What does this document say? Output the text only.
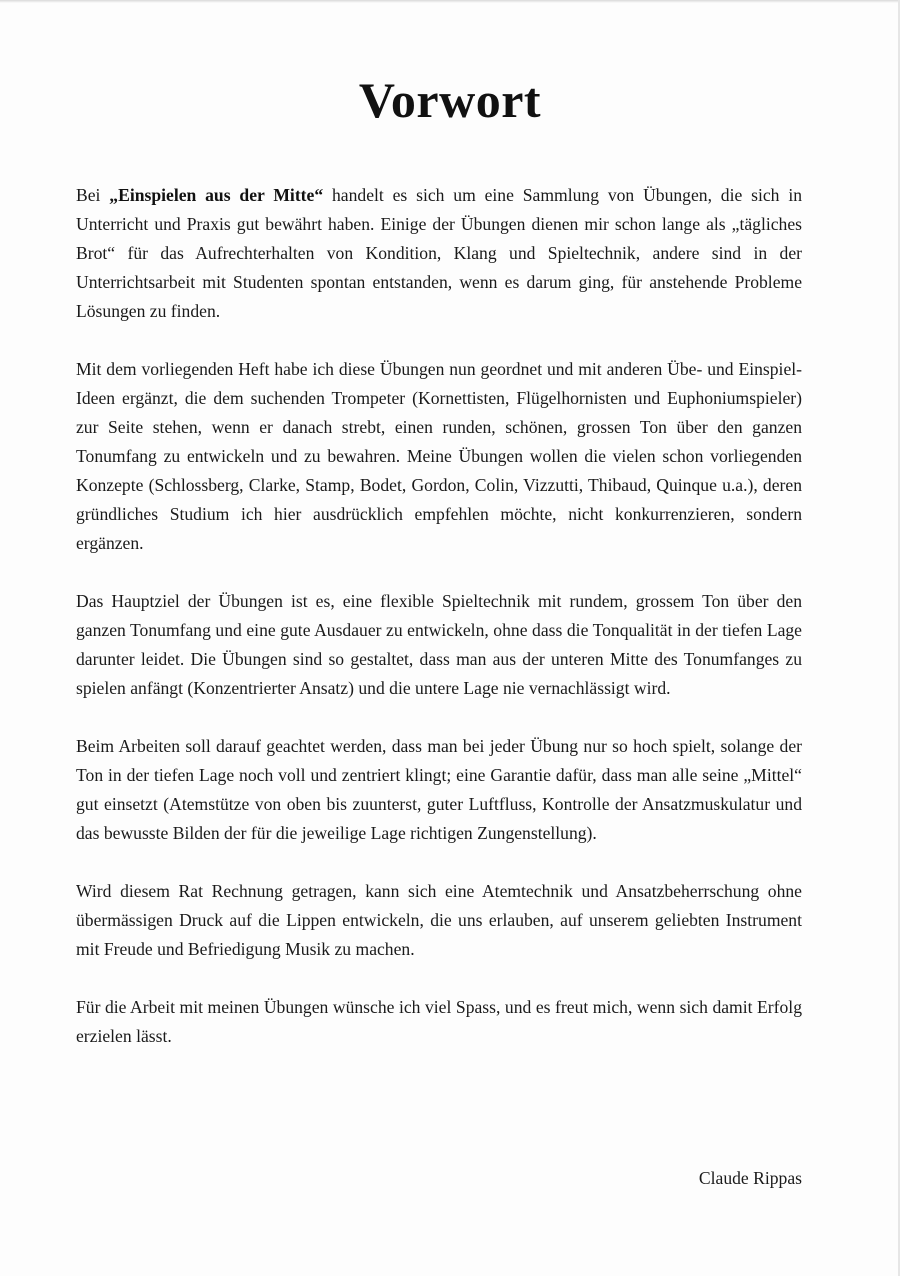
Vorwort

Bei „Einspielen aus der Mitte“ handelt es sich um eine Sammlung von Übungen, die sich in Unterricht und Praxis gut bewährt haben. Einige der Übungen dienen mir schon lange als „tägliches Brot“ für das Aufrechterhalten von Kondition, Klang und Spieltechnik, andere sind in der Unterrichtsarbeit mit Studenten spontan entstanden, wenn es darum ging, für anstehende Probleme Lösungen zu finden.

Mit dem vorliegenden Heft habe ich diese Übungen nun geordnet und mit anderen Übe- und Einspiel-Ideen ergänzt, die dem suchenden Trompeter (Kornettisten, Flügelhornisten und Euphoniumspieler) zur Seite stehen, wenn er danach strebt, einen runden, schönen, grossen Ton über den ganzen Tonumfang zu entwickeln und zu bewahren. Meine Übungen wollen die vielen schon vorliegenden Konzepte (Schlossberg, Clarke, Stamp, Bodet, Gordon, Colin, Vizzutti, Thibaud, Quinque u.a.), deren gründliches Studium ich hier ausdrücklich empfehlen möchte, nicht konkurrenzieren, sondern ergänzen.

Das Hauptziel der Übungen ist es, eine flexible Spieltechnik mit rundem, grossem Ton über den ganzen Tonumfang und eine gute Ausdauer zu entwickeln, ohne dass die Tonqualität in der tiefen Lage darunter leidet. Die Übungen sind so gestaltet, dass man aus der unteren Mitte des Tonumfanges zu spielen anfängt (Konzentrierter Ansatz) und die untere Lage nie vernachlässigt wird.

Beim Arbeiten soll darauf geachtet werden, dass man bei jeder Übung nur so hoch spielt, solange der Ton in der tiefen Lage noch voll und zentriert klingt; eine Garantie dafür, dass man alle seine „Mittel“ gut einsetzt (Atemstütze von oben bis zuunterst, guter Luftfluss, Kontrolle der Ansatzmuskulatur und das bewusste Bilden der für die jeweilige Lage richtigen Zungenstellung).

Wird diesem Rat Rechnung getragen, kann sich eine Atemtechnik und Ansatzbeherrschung ohne übermässigen Druck auf die Lippen entwickeln, die uns erlauben, auf unserem geliebten Instrument mit Freude und Befriedigung Musik zu machen.

Für die Arbeit mit meinen Übungen wünsche ich viel Spass, und es freut mich, wenn sich damit Erfolg erzielen lässt.

Claude Rippas
